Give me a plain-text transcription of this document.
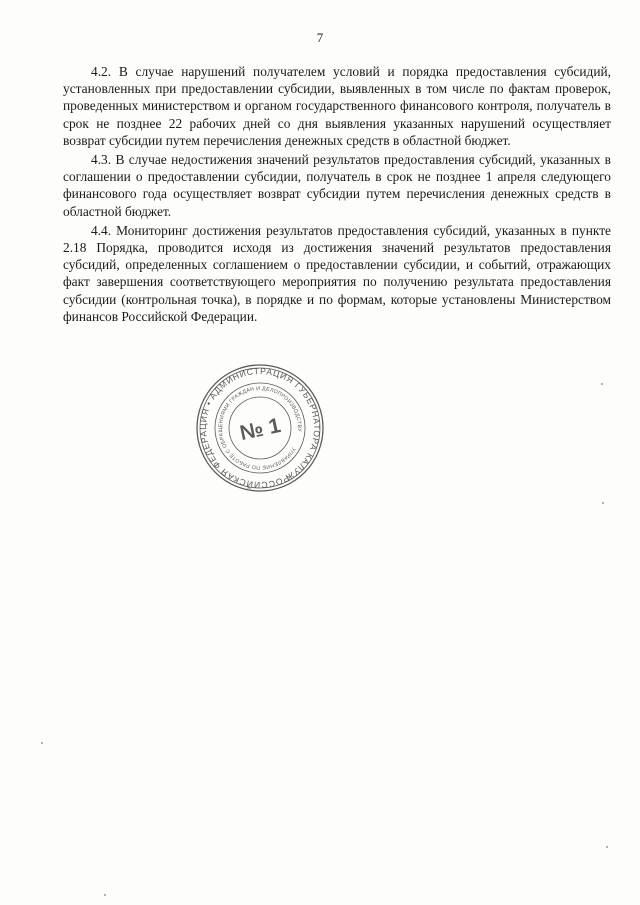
7

4.2. В случае нарушений получателем условий и порядка предоставления субсидий, установленных при предоставлении субсидии, выявленных в том числе по фактам проверок, проведенных министерством и органом государственного финансового контроля, получатель в срок не позднее 22 рабочих дней со дня выявления указанных нарушений осуществляет возврат субсидии путем перечисления денежных средств в областной бюджет.

4.3. В случае недостижения значений результатов предоставления субсидий, указанных в соглашении о предоставлении субсидии, получатель в срок не позднее 1 апреля следующего финансового года осуществляет возврат субсидии путем перечисления денежных средств в областной бюджет.

4.4. Мониторинг достижения результатов предоставления субсидий, указанных в пункте 2.18 Порядка, проводится исходя из достижения значений результатов предоставления субсидий, определенных соглашением о предоставлении субсидии, и событий, отражающих факт завершения соответствующего мероприятия по получению результата предоставления субсидии (контрольная точка), в порядке и по формам, которые установлены Министерством финансов Российской Федерации.

РОССИЙСКАЯ ФЕДЕРАЦИЯ • АДМИНИСТРАЦИЯ ГУБЕРНАТОРА КАЛУЖСКОЙ
УПРАВЛЕНИЕ ПО РАБОТЕ С ОБРАЩЕНИЯМИ ГРАЖДАН И ДЕЛОПРОИЗВОДСТВУ
№ 1
